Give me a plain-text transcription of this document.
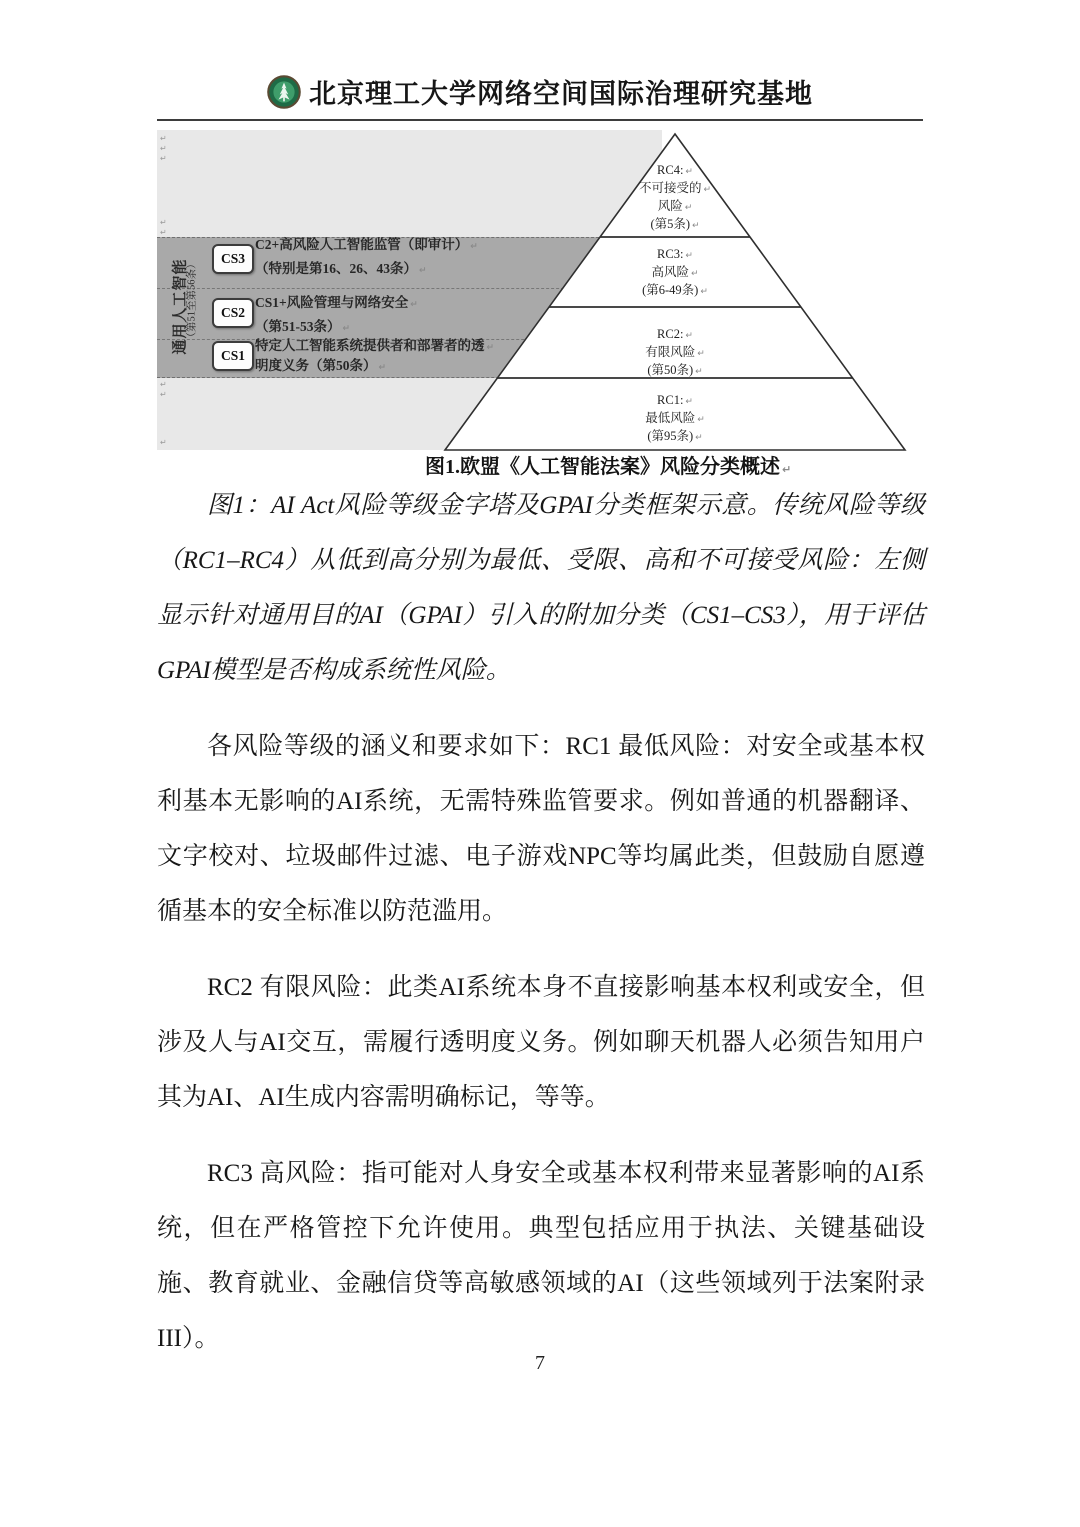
北京理工大学网络空间国际治理研究基地
RC4: ↵
不可接受的 ↵
风险 ↵
(第5条) ↵
RC3: ↵
高风险 ↵
(第6-49条) ↵
RC2: ↵
有限风险 ↵
(第50条) ↵
RC1: ↵
最低风险 ↵
(第95条) ↵
通用人工智能
（第51至第56条）	CS3
C2+高风险人工智能监管（即审计） ↵
（特别是第16、26、43条） ↵
CS2
CS1+风险管理与网络安全 ↵
（第51-53条） ↵
CS1
特定人工智能系统提供者和部署者的透 ↵
明度义务（第50条） ↵
↵
↵
↵
↵
↵
↵
↵
↵
图1.欧盟《人工智能法案》风险分类概述 ↵

图1：AI Act风险等级金字塔及GPAI分类框架示意。传统风险等级（RC1–RC4）从低到高分别为最低、受限、高和不可接受风险：左侧显示针对通用目的AI（GPAI）引入的附加分类（CS1–CS3），用于评估GPAI模型是否构成系统性风险。

各风险等级的涵义和要求如下：RC1 最低风险：对安全或基本权利基本无影响的AI系统，无需特殊监管要求。例如普通的机器翻译、文字校对、垃圾邮件过滤、电子游戏NPC等均属此类，但鼓励自愿遵循基本的安全标准以防范滥用。

RC2 有限风险：此类AI系统本身不直接影响基本权利或安全，但涉及人与AI交互，需履行透明度义务。例如聊天机器人必须告知用户其为AI、AI生成内容需明确标记，等等。

RC3 高风险：指可能对人身安全或基本权利带来显著影响的AI系统，但在严格管控下允许使用。典型包括应用于执法、关键基础设施、教育就业、金融信贷等高敏感领域的AI（这些领域列于法案附录III）。

7
